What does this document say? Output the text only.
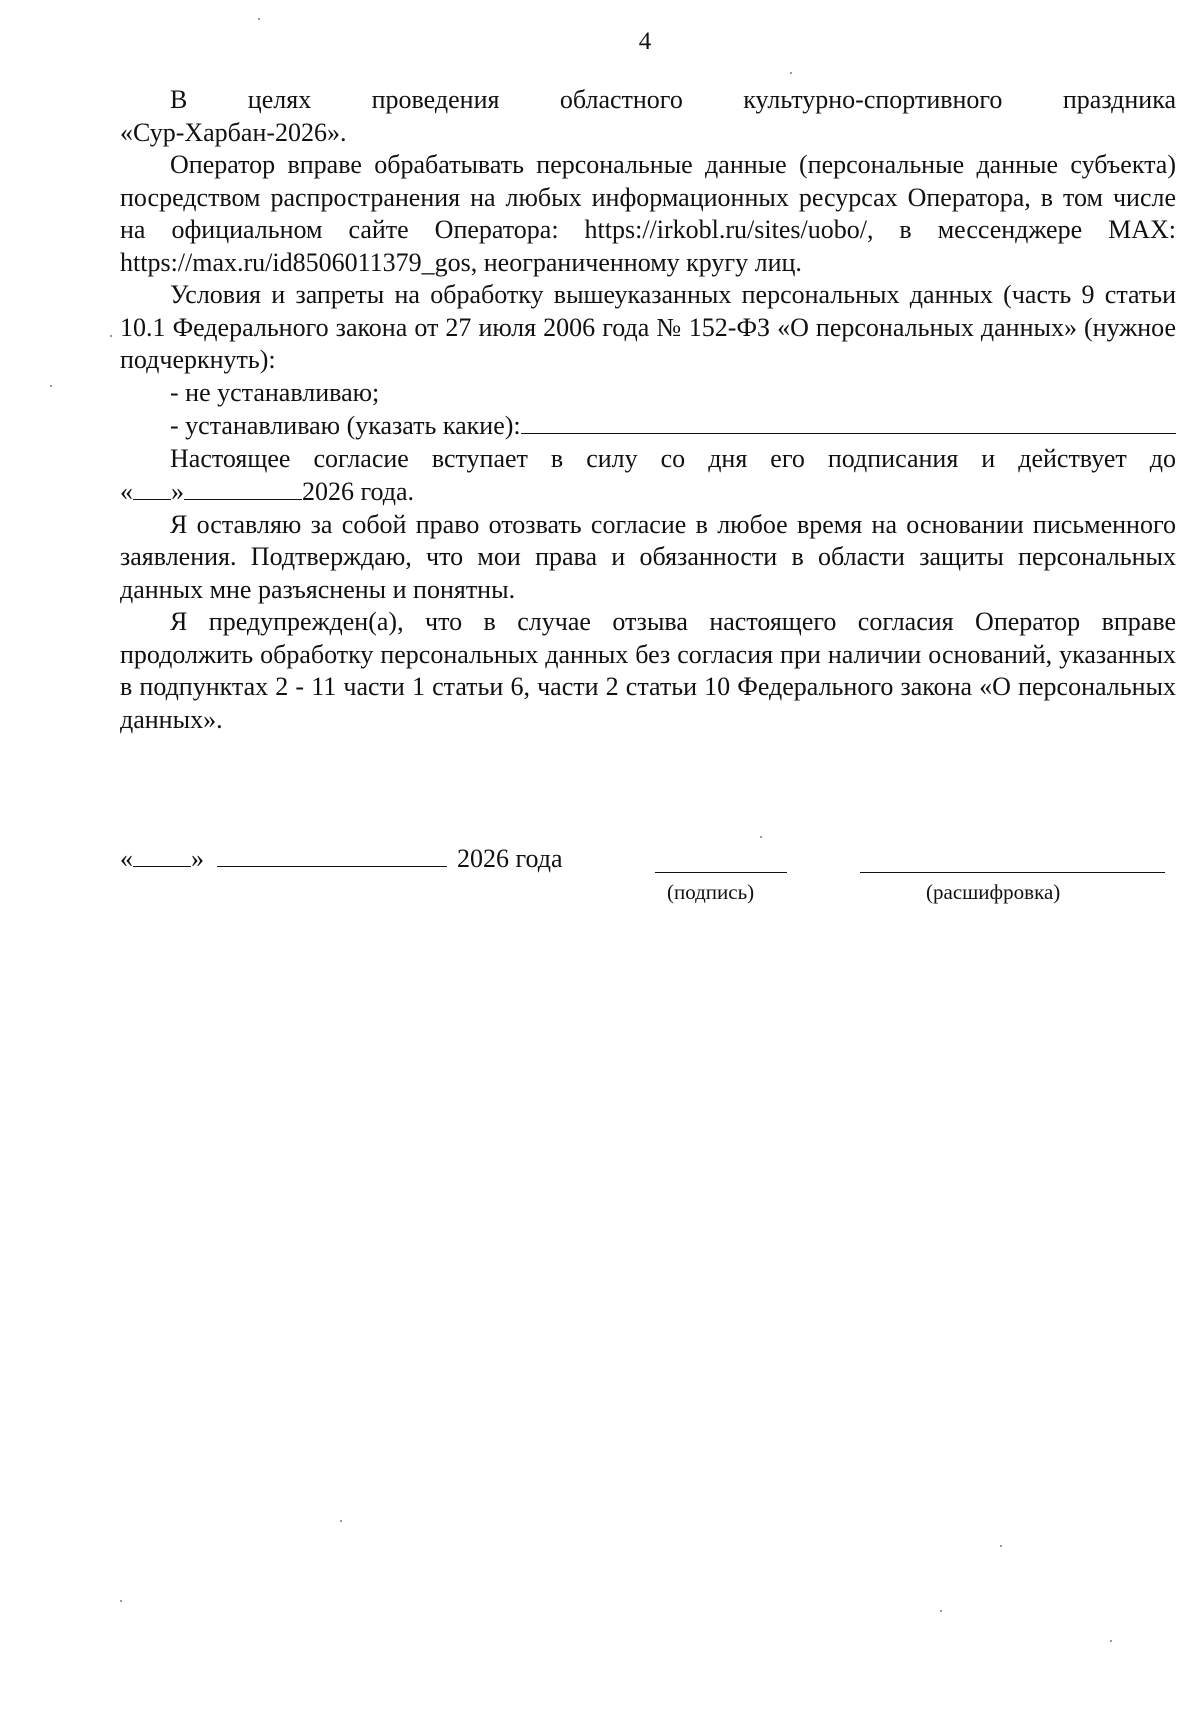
4

В целях проведения областного культурно-спортивного праздника

«Сур-Харбан-2026».

Оператор вправе обрабатывать персональные данные (персональные данные субъекта) посредством распространения на любых информационных ресурсах Оператора, в том числе на официальном сайте Оператора: https://irkobl.ru/sites/uobo/, в мессенджере MAX: https://max.ru/id8506011379_gos, неограниченному кругу лиц.

Условия и запреты на обработку вышеуказанных персональных данных (часть 9 статьи 10.1 Федерального закона от 27 июля 2006 года № 152-ФЗ «О персональных данных» (нужное подчеркнуть):

- не устанавливаю;

- устанавливаю (указать какие):

Настоящее согласие вступает в силу со дня его подписания и действует до

« »	2026 года.

Я оставляю за собой право отозвать согласие в любое время на основании письменного заявления. Подтверждаю, что мои права и обязанности в области защиты персональных данных мне разъяснены и понятны.

Я предупрежден(а), что в случае отзыва настоящего согласия Оператор вправе продолжить обработку персональных данных без согласия при наличии оснований, указанных в подпунктах 2 - 11 части 1 статьи 6, части 2 статьи 10 Федерального закона «О персональных данных».

« »	2026 года
(подпись)	(расшифровка)
